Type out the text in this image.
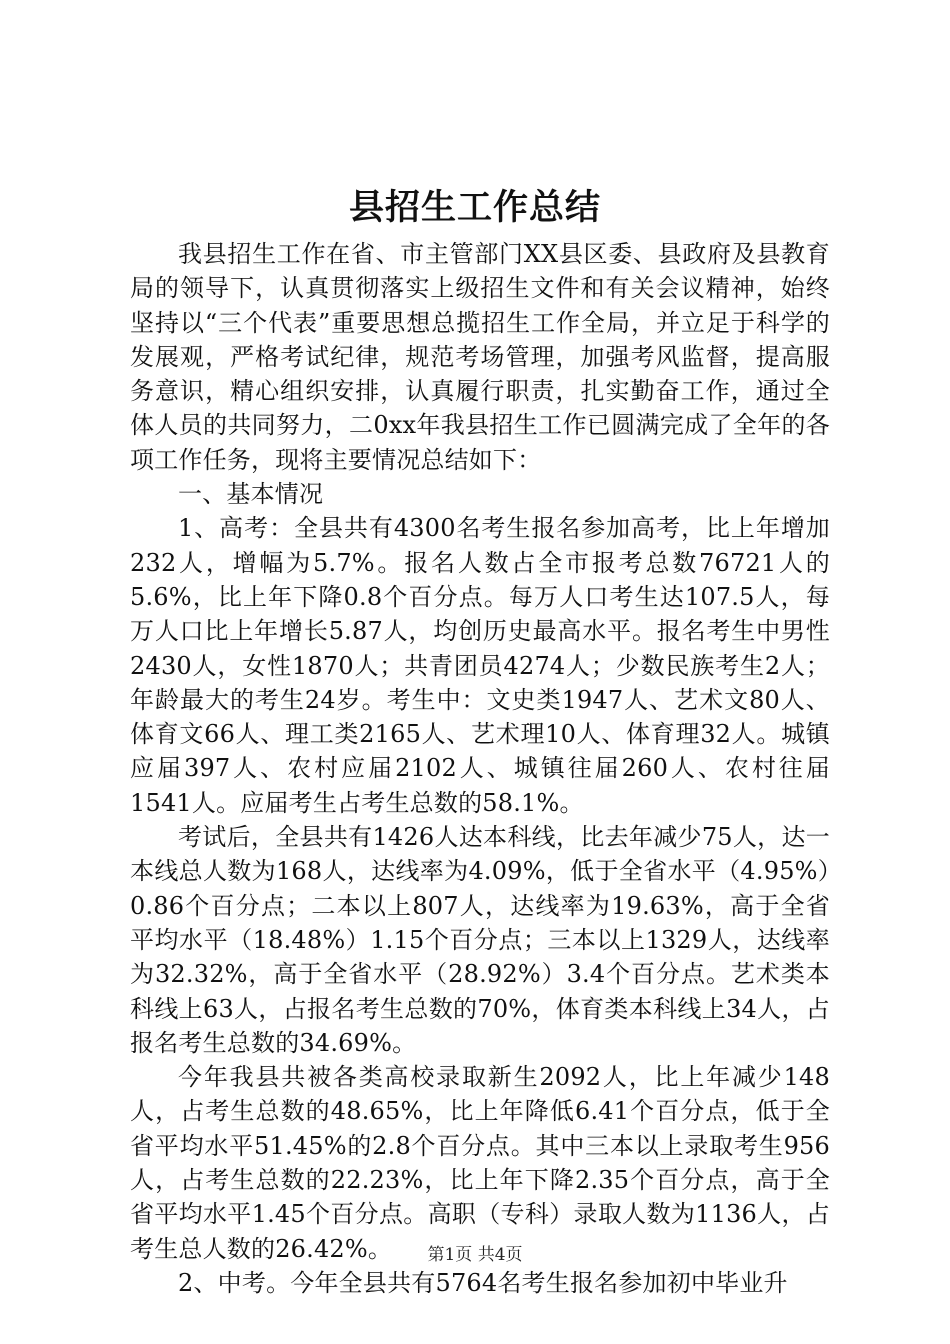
县招生工作总结

我县招生工作在省、市主管部门XX县区委、县政府及县教育局的领导下，认真贯彻落实上级招生文件和有关会议精神，始终坚持以“三个代表”重要思想总揽招生工作全局，并立足于科学的发展观，严格考试纪律，规范考场管理，加强考风监督，提高服务意识，精心组织安排，认真履行职责，扎实勤奋工作，通过全体人员的共同努力，二0xx年我县招生工作已圆满完成了全年的各项工作任务，现将主要情况总结如下：

一、基本情况

1、高考：全县共有4300名考生报名参加高考，比上年增加232人，增幅为5.7%。报名人数占全市报考总数76721人的5.6%，比上年下降0.8个百分点。每万人口考生达107.5人，每万人口比上年增长5.87人，均创历史最高水平。报名考生中男性2430人，女性1870人；共青团员4274人；少数民族考生2人；年龄最大的考生24岁。考生中：文史类1947人、艺术文80人、体育文66人、理工类2165人、艺术理10人、体育理32人。城镇应届397人、农村应届2102人、城镇往届260人、农村往届1541人。应届考生占考生总数的58.1%。

考试后，全县共有1426人达本科线，比去年减少75人，达一本线总人数为168人，达线率为4.09%，低于全省水平（4.95%）0.86个百分点；二本以上807人，达线率为19.63%，高于全省平均水平（18.48%）1.15个百分点；三本以上1329人，达线率为32.32%，高于全省水平（28.92%）3.4个百分点。艺术类本科线上63人，占报名考生总数的70%，体育类本科线上34人，占报名考生总数的34.69%。

今年我县共被各类高校录取新生2092人，比上年减少148人，占考生总数的48.65%，比上年降低6.41个百分点，低于全省平均水平51.45%的2.8个百分点。其中三本以上录取考生956人，占考生总数的22.23%，比上年下降2.35个百分点，高于全省平均水平1.45个百分点。高职（专科）录取人数为1136人，占考生总人数的26.42%。

2、中考。今年全县共有5764名考生报名参加初中毕业升

第1页 共4页
